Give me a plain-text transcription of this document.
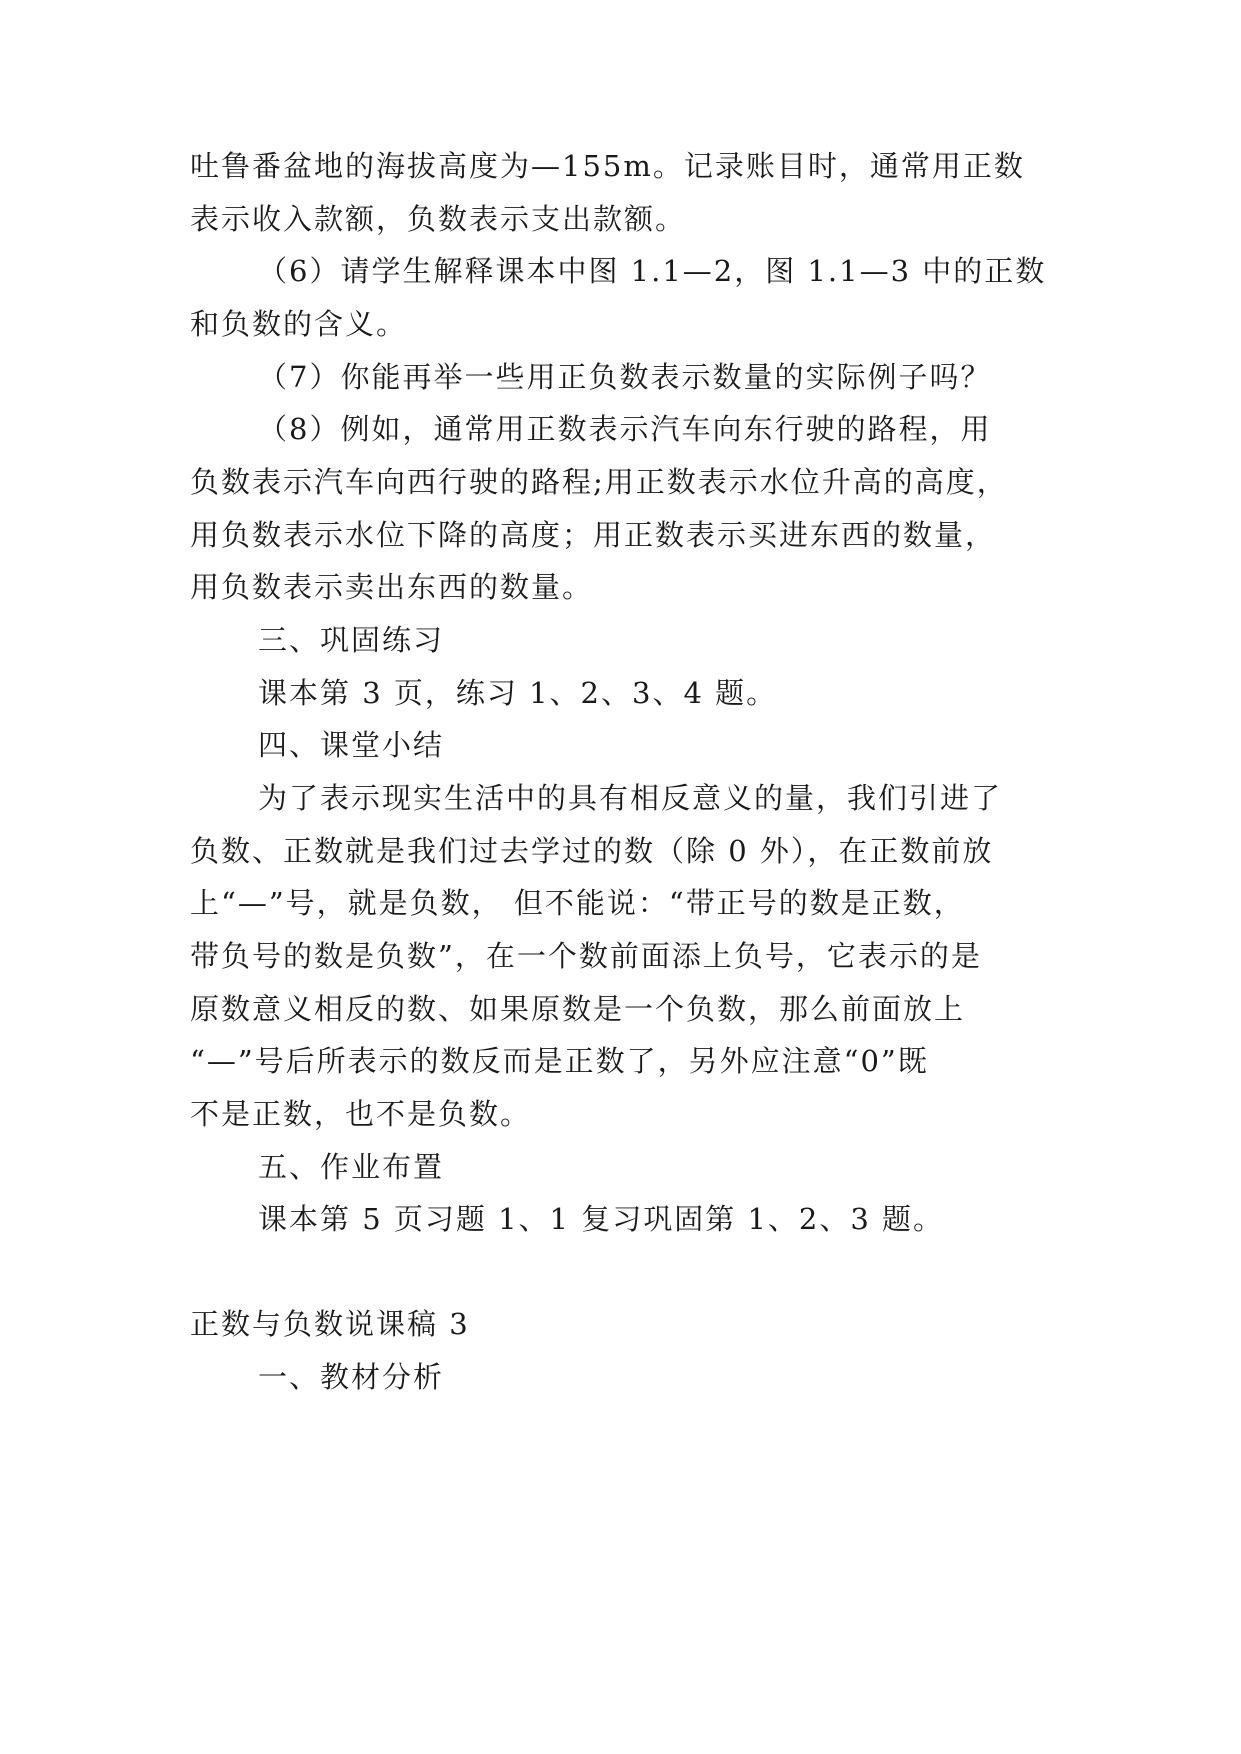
吐鲁番盆地的海拔高度为—155m。记录账目时，通常用正数
表示收入款额，负数表示支出款额。
（6）请学生解释课本中图 1.1—2，图 1.1—3 中的正数
和负数的含义。
（7）你能再举一些用正负数表示数量的实际例子吗？
（8）例如，通常用正数表示汽车向东行驶的路程，用
负数表示汽车向西行驶的路程;用正数表示水位升高的高度，
用负数表示水位下降的高度；用正数表示买进东西的数量，
用负数表示卖出东西的数量。
三、巩固练习
课本第 3 页，练习 1、2、3、4 题。
四、课堂小结
为了表示现实生活中的具有相反意义的量，我们引进了
负数、正数就是我们过去学过的数（除 0 外），在正数前放
上“—”号，就是负数， 但不能说：“带正号的数是正数，
带负号的数是负数”，在一个数前面添上负号，它表示的是
原数意义相反的数、如果原数是一个负数，那么前面放上
“—”号后所表示的数反而是正数了，另外应注意“0”既
不是正数，也不是负数。
五、作业布置
课本第 5 页习题 1、1 复习巩固第 1、2、3 题。
正数与负数说课稿 3
一、教材分析
